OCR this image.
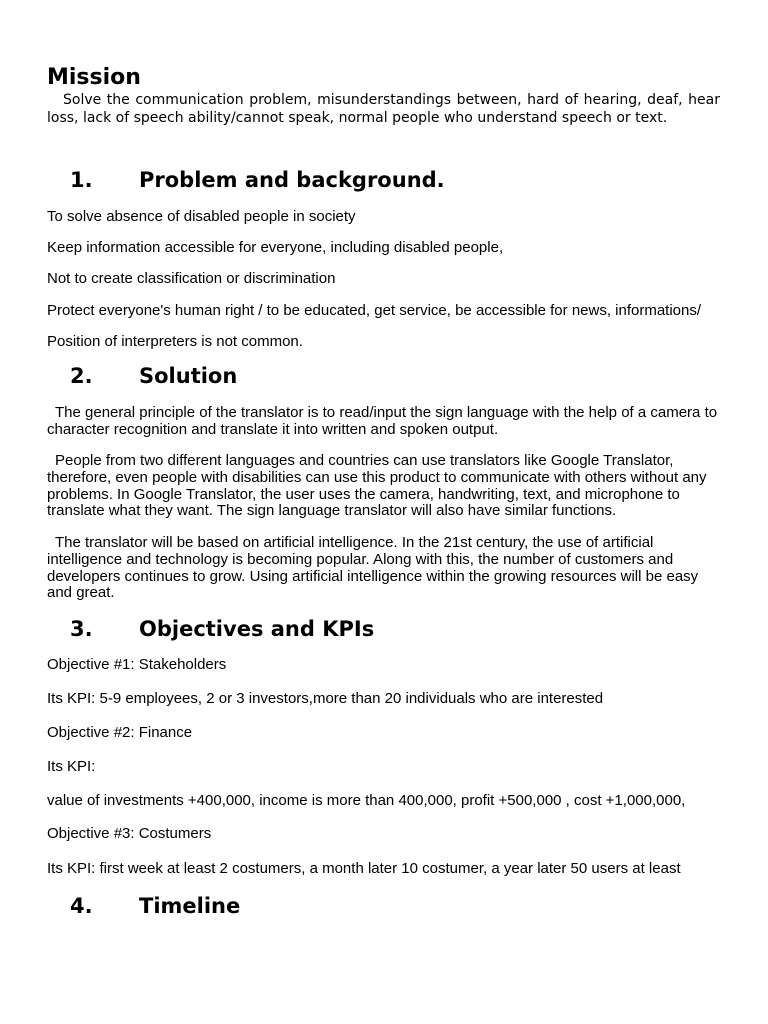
Mission

Solve the communication problem, misunderstandings between, hard of hearing, deaf, hear loss, lack of speech ability/cannot speak, normal people who understand speech or text.

1. Problem and background.

To solve absence of disabled people in society

Keep information accessible for everyone, including disabled people,

Not to create classification or discrimination

Protect everyone's human right / to be educated, get service, be accessible for news, informations/

Position of interpreters is not common.

2. Solution

The general principle of the translator is to read/input the sign language with the help of a camera to character recognition and translate it into written and spoken output.

People from two different languages and countries can use translators like Google Translator, therefore, even people with disabilities can use this product to communicate with others without any problems. In Google Translator, the user uses the camera, handwriting, text, and microphone to translate what they want. The sign language translator will also have similar functions.

The translator will be based on artificial intelligence. In the 21st century, the use of artificial intelligence and technology is becoming popular. Along with this, the number of customers and developers continues to grow. Using artificial intelligence within the growing resources will be easy and great.

3. Objectives and KPIs

Objective #1: Stakeholders

Its KPI: 5-9 employees, 2 or 3 investors,more than 20 individuals who are interested

Objective #2: Finance

Its KPI:

value of investments +400,000, income is more than 400,000, profit +500,000 , cost +1,000,000,

Objective #3: Costumers

Its KPI: first week at least 2 costumers, a month later 10 costumer, a year later 50 users at least

4. Timeline
